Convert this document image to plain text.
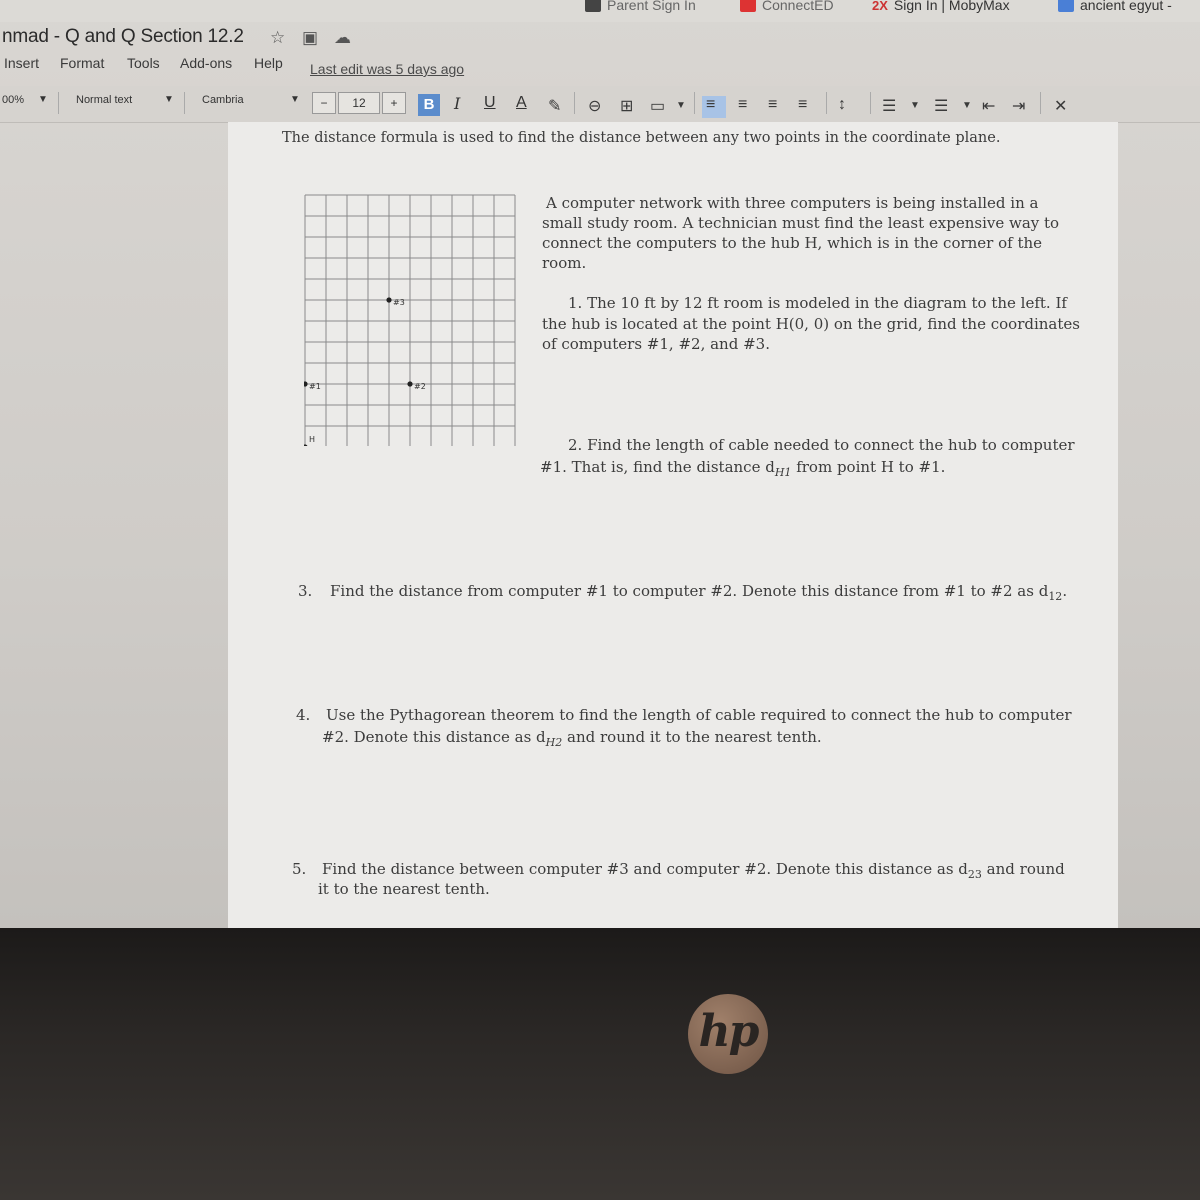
Parent Sign In	ConnectED	2X Sign In | MobyMax	ancient egyut -
nmad - Q and Q Section 12.2 ☆ ▣ ☁
Insert Format Tools Add-ons Help Last edit was 5 days ago
00% ▼	Normal text	▼	Cambria	▼	−	12	+	B	I U A ✎ ⊖ ⊞ ▭ ▼ ≡ ≡ ≡ ≡ ↕ ☰ ▼ ☰ ▼ ⇤ ⇥ ✕
The distance formula is used to find the distance between any two points in the coordinate plane.
H
#1	#2
#3
A computer network with three computers is being installed in a
small study room. A technician must find the least expensive way to
connect the computers to the hub H, which is in the corner of the
room.
1. The 10 ft by 12 ft room is modeled in the diagram to the left. If
the hub is located at the point H(0, 0) on the grid, find the coordinates
of computers #1, #2, and #3.
2. Find the length of cable needed to connect the hub to computer
#1. That is, find the distance $d_{H1}$ from point H to #1.
3. Find the distance from computer #1 to computer #2. Denote this distance from #1 to #2 as $d_{12}$.
4. Use the Pythagorean theorem to find the length of cable required to connect the hub to computer
#2. Denote this distance as $d_{H2}$ and round it to the nearest tenth.
5. Find the distance between computer #3 and computer #2. Denote this distance as $d_{23}$ and round
it to the nearest tenth.
hp
